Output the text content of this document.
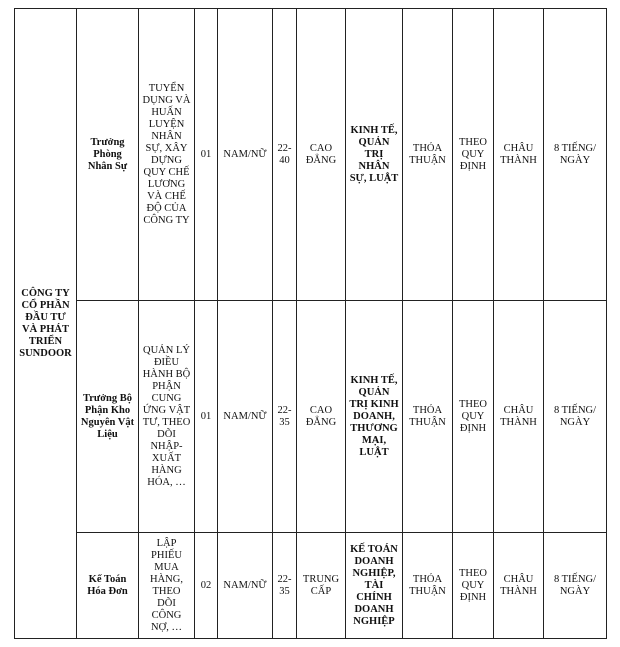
CÔNG TY CỔ PHẦN ĐẦU TƯ VÀ PHÁT TRIỂN SUNDOOR	Trưởng Phòng Nhân Sự	TUYỂN DỤNG VÀ HUẤN LUYỆN NHÂN SỰ, XÂY DỰNG QUY CHẾ LƯƠNG VÀ CHẾ ĐỘ CỦA CÔNG TY	01	NAM/NỮ	22-40	CAO ĐẲNG	KINH TẾ, QUẢN TRỊ NHÂN SỰ, LUẬT	THỎA THUẬN	THEO QUY ĐỊNH	CHÂU THÀNH	8 TIẾNG/ NGÀY
	Trưởng Bộ Phận Kho Nguyên Vật Liệu	QUẢN LÝ ĐIỀU HÀNH BỘ PHẬN CUNG ỨNG VẬT TƯ, THEO DÕI NHẬP-XUẤT HÀNG HÓA, …	01	NAM/NỮ	22-35	CAO ĐẲNG	KINH TẾ, QUẢN TRỊ KINH DOANH, THƯƠNG MẠI, LUẬT	THỎA THUẬN	THEO QUY ĐỊNH	CHÂU THÀNH	8 TIẾNG/ NGÀY
	Kế Toán Hóa Đơn	LẬP PHIẾU MUA HÀNG, THEO DÕI CÔNG NỢ, …	02	NAM/NỮ	22-35	TRUNG CẤP	KẾ TOÁN DOANH NGHIỆP, TÀI CHÍNH DOANH NGHIỆP	THỎA THUẬN	THEO QUY ĐỊNH	CHÂU THÀNH	8 TIẾNG/ NGÀY
